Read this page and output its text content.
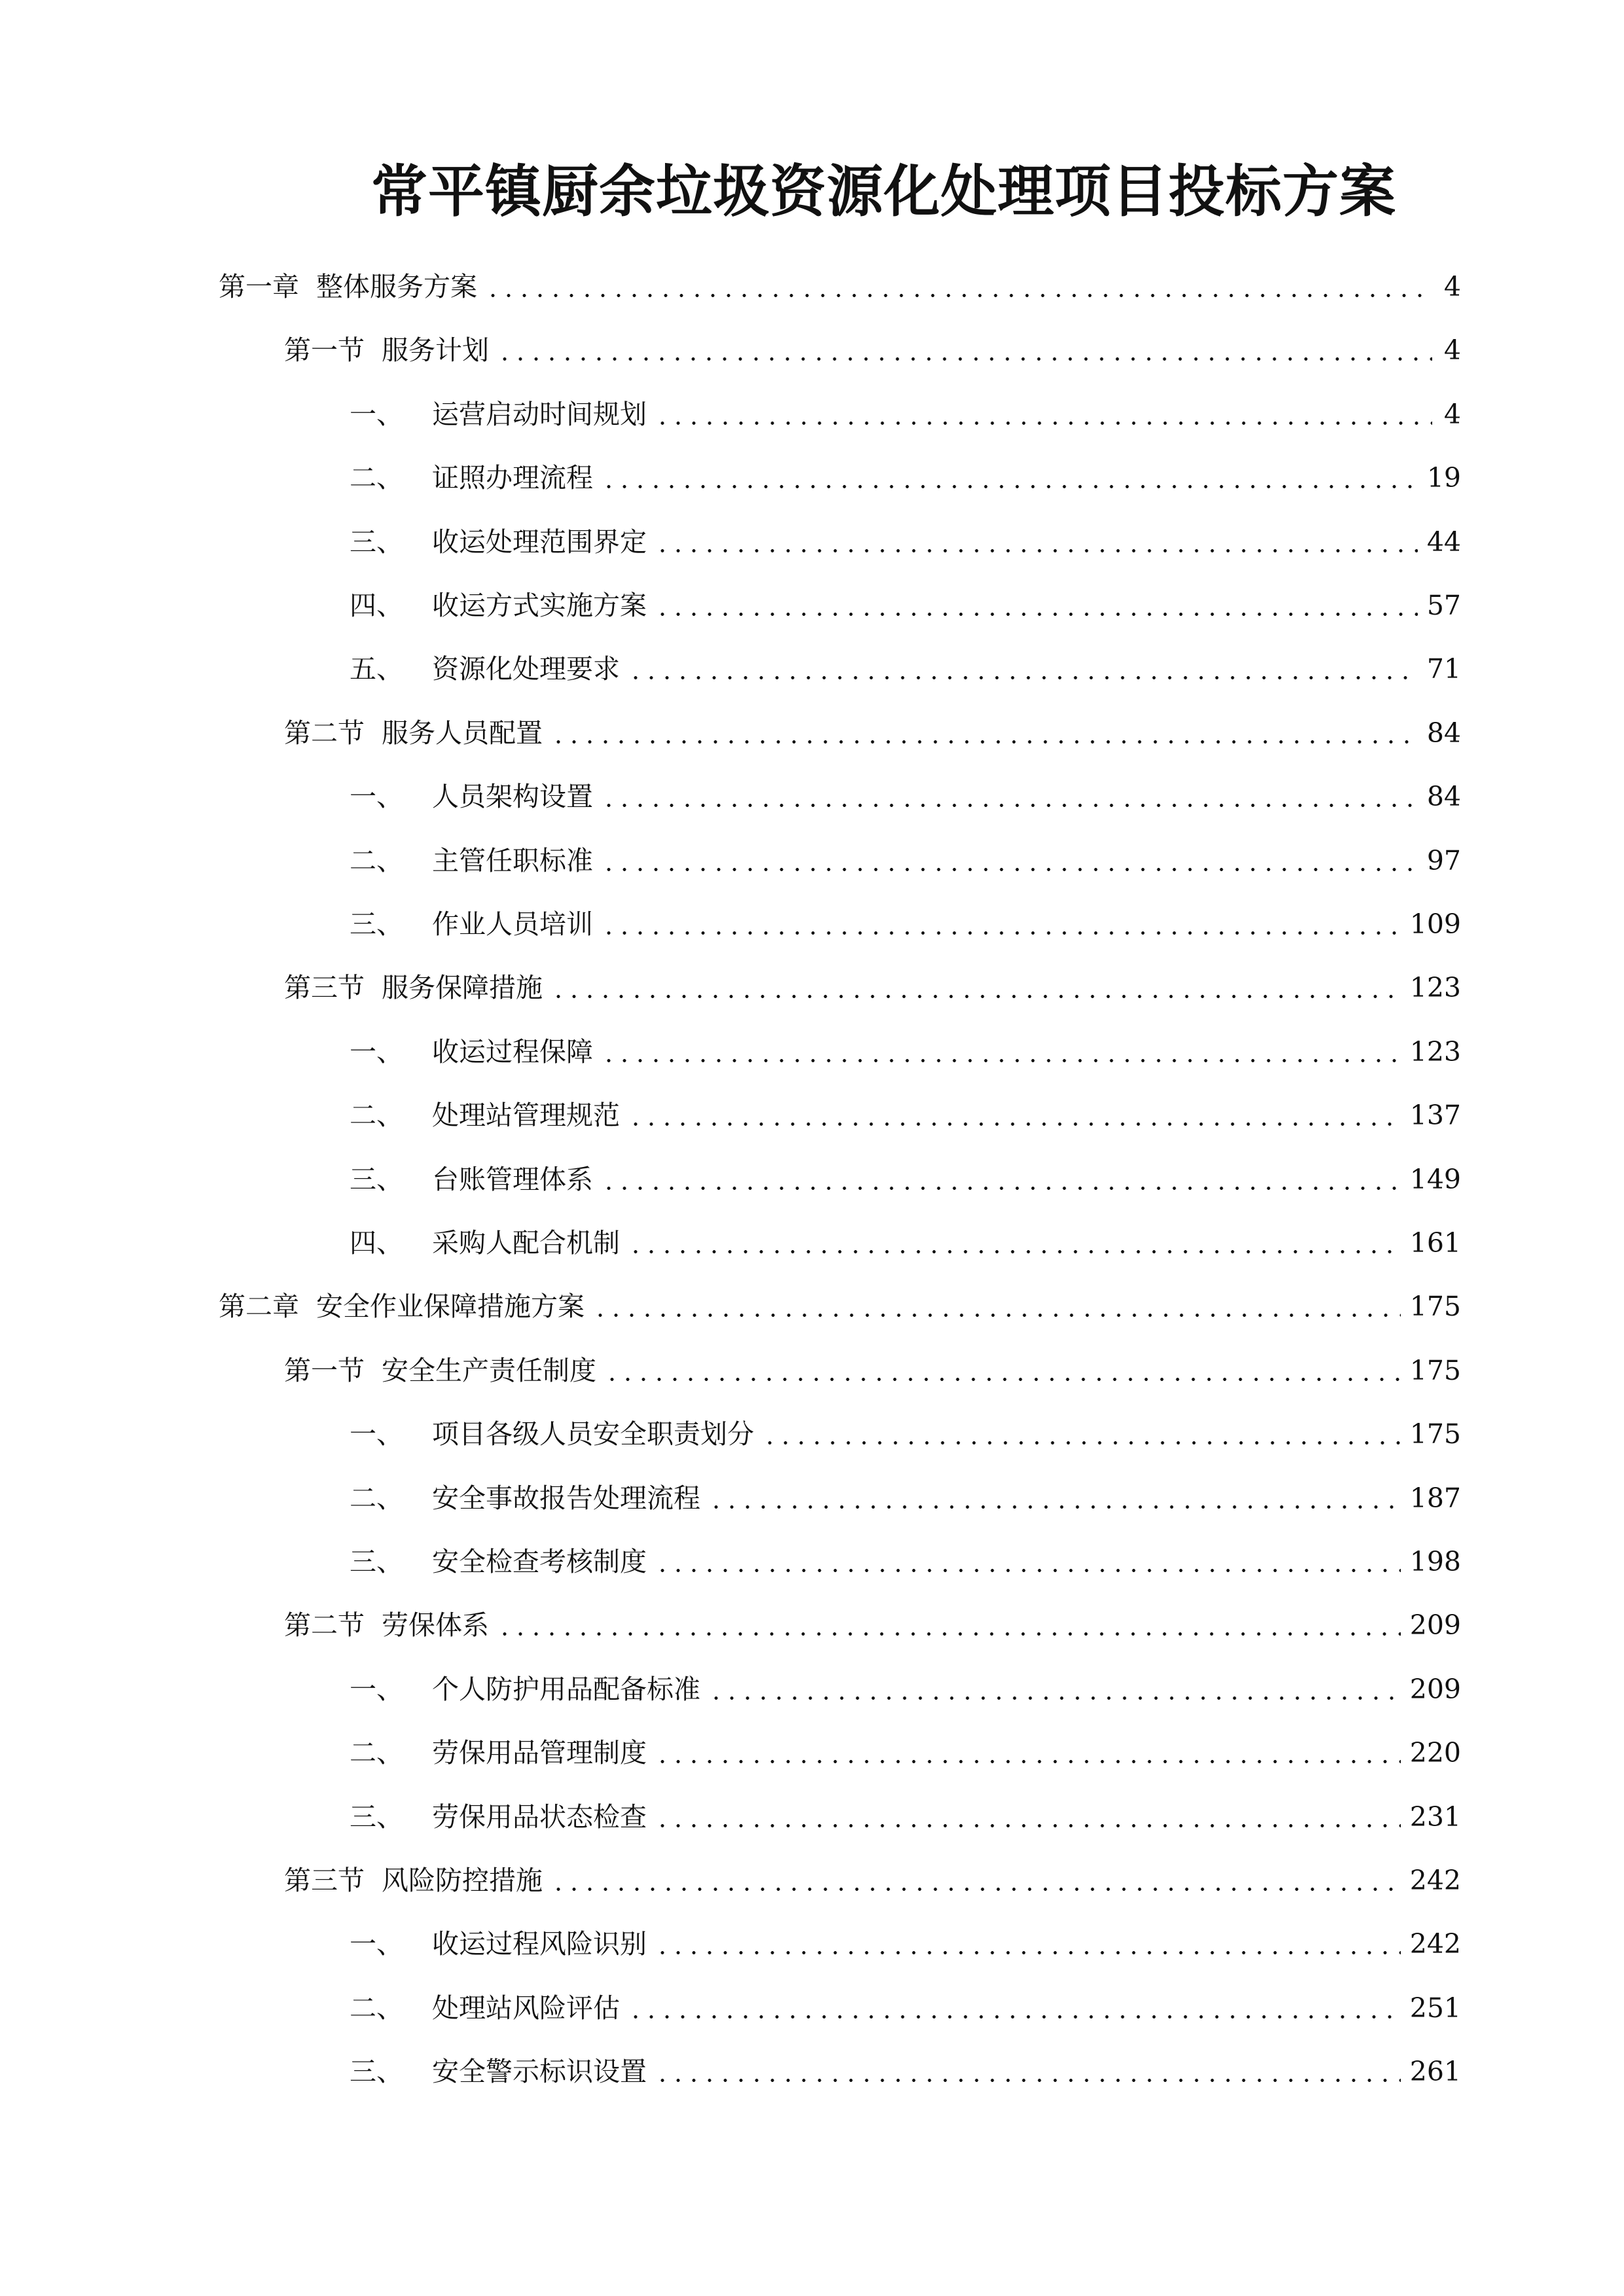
常平镇厨余垃圾资源化处理项目投标方案
第一章 整体服务方案	4
第一节 服务计划	4
一、	运营启动时间规划	4
二、	证照办理流程	19
三、	收运处理范围界定	44
四、	收运方式实施方案	57
五、	资源化处理要求	71
第二节 服务人员配置	84
一、	人员架构设置	84
二、	主管任职标准	97
三、	作业人员培训	109
第三节 服务保障措施	123
一、	收运过程保障	123
二、	处理站管理规范	137
三、	台账管理体系	149
四、	采购人配合机制	161
第二章 安全作业保障措施方案	175
第一节 安全生产责任制度	175
一、	项目各级人员安全职责划分	175
二、	安全事故报告处理流程	187
三、	安全检查考核制度	198
第二节 劳保体系	209
一、	个人防护用品配备标准	209
二、	劳保用品管理制度	220
三、	劳保用品状态检查	231
第三节 风险防控措施	242
一、	收运过程风险识别	242
二、	处理站风险评估	251
三、	安全警示标识设置	261
